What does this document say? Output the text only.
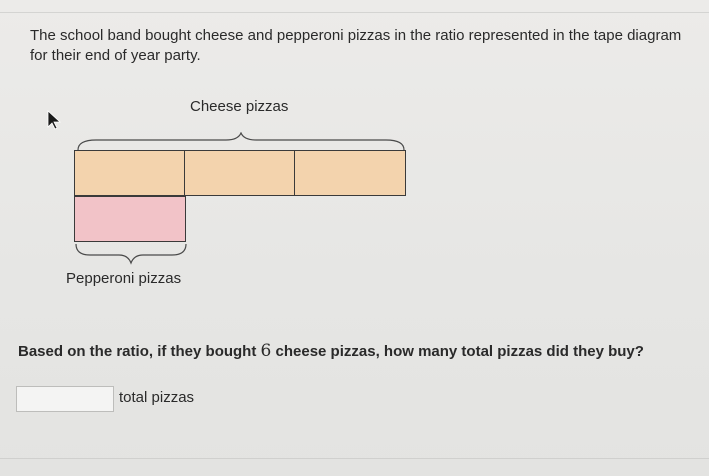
The school band bought cheese and pepperoni pizzas in the ratio represented in the tape diagram for their end of year party.
Cheese pizzas
Pepperoni pizzas
Based on the ratio, if they bought 6 cheese pizzas, how many total pizzas did they buy?
total pizzas
